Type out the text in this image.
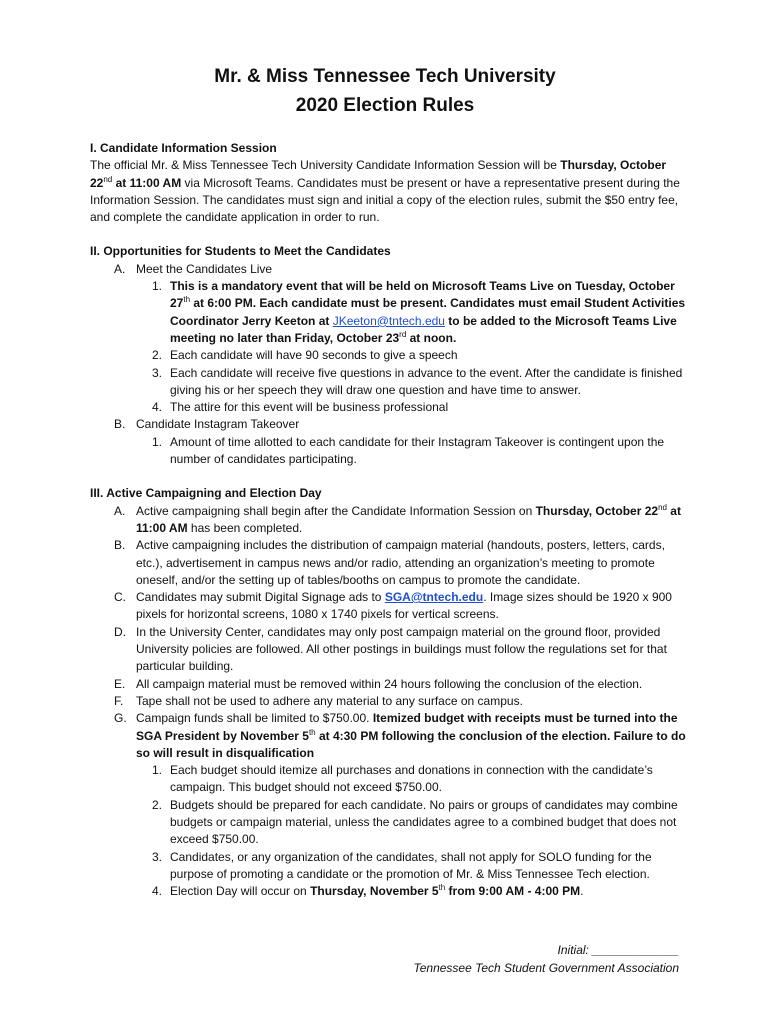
Mr. & Miss Tennessee Tech University
2020 Election Rules

I. Candidate Information Session

The official Mr. & Miss Tennessee Tech University Candidate Information Session will be Thursday, October 22nd at 11:00 AM via Microsoft Teams. Candidates must be present or have a representative present during the Information Session. The candidates must sign and initial a copy of the election rules, submit the $50 entry fee, and complete the candidate application in order to run.

II. Opportunities for Students to Meet the Candidates

A. Meet the Candidates Live
1. This is a mandatory event that will be held on Microsoft Teams Live on Tuesday, October 27th at 6:00 PM. Each candidate must be present. Candidates must email Student Activities Coordinator Jerry Keeton at JKeeton@tntech.edu to be added to the Microsoft Teams Live meeting no later than Friday, October 23rd at noon.
2. Each candidate will have 90 seconds to give a speech
3. Each candidate will receive five questions in advance to the event. After the candidate is finished giving his or her speech they will draw one question and have time to answer.
4. The attire for this event will be business professional
B. Candidate Instagram Takeover
1. Amount of time allotted to each candidate for their Instagram Takeover is contingent upon the number of candidates participating.

III. Active Campaigning and Election Day

A. Active campaigning shall begin after the Candidate Information Session on Thursday, October 22nd at 11:00 AM has been completed.
B. Active campaigning includes the distribution of campaign material (handouts, posters, letters, cards, etc.), advertisement in campus news and/or radio, attending an organization’s meeting to promote oneself, and/or the setting up of tables/booths on campus to promote the candidate.
C. Candidates may submit Digital Signage ads to SGA@tntech.edu. Image sizes should be 1920 x 900 pixels for horizontal screens, 1080 x 1740 pixels for vertical screens.
D. In the University Center, candidates may only post campaign material on the ground floor, provided University policies are followed. All other postings in buildings must follow the regulations set for that particular building.
E. All campaign material must be removed within 24 hours following the conclusion of the election.
F. Tape shall not be used to adhere any material to any surface on campus.
G. Campaign funds shall be limited to $750.00. Itemized budget with receipts must be turned into the SGA President by November 5th at 4:30 PM following the conclusion of the election. Failure to do so will result in disqualification
1. Each budget should itemize all purchases and donations in connection with the candidate’s campaign. This budget should not exceed $750.00.
2. Budgets should be prepared for each candidate. No pairs or groups of candidates may combine budgets or campaign material, unless the candidates agree to a combined budget that does not exceed $750.00.
3. Candidates, or any organization of the candidates, shall not apply for SOLO funding for the purpose of promoting a candidate or the promotion of Mr. & Miss Tennessee Tech election.
4. Election Day will occur on Thursday, November 5th from 9:00 AM - 4:00 PM.
Initial: _____________
Tennessee Tech Student Government Association
